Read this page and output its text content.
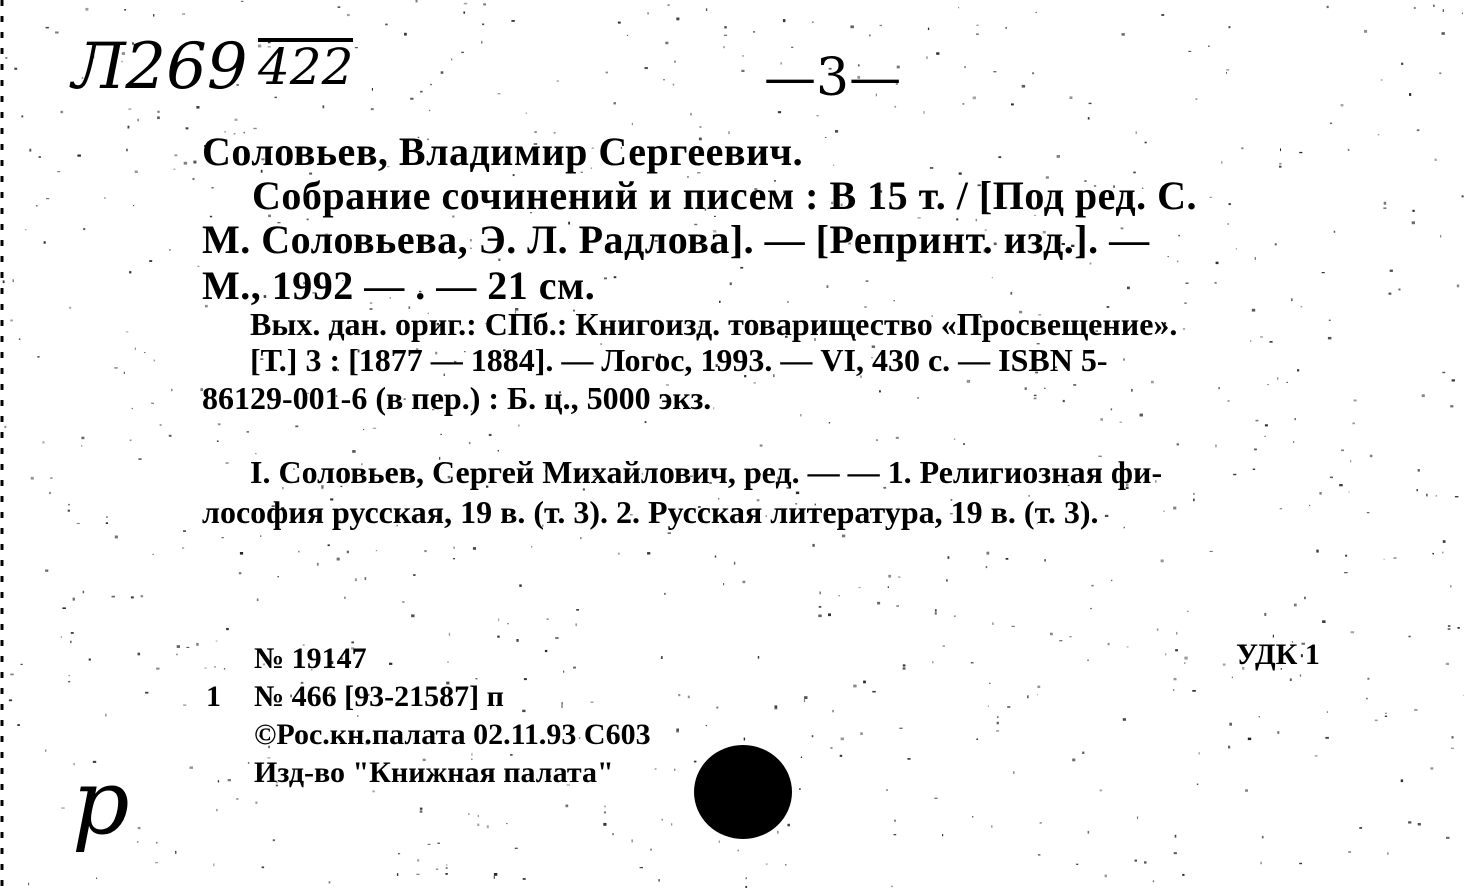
Л269 422	—3—
р
Соловьев, Владимир Сергеевич.
Собрание сочинений и писем : В 15 т. / [Под ред. С.
М. Соловьева, Э. Л. Радлова]. — [Репринт. изд.]. —
М., 1992 — . — 21 см.
Вых. дан. ориг.: СПб.: Книгоизд. товарищество «Просвещение».
[Т.] 3 : [1877 — 1884]. — Логос, 1993. — VI, 430 с. — ISBN 5-
86129-001-6 (в пер.) : Б. ц., 5000 экз.
I. Соловьев, Сергей Михайлович, ред. — — 1. Религиозная фи-
лософия русская, 19 в. (т. 3). 2. Русская литература, 19 в. (т. 3).
№ 19147	УДК 1
1 № 466 [93-21587] п
©Рос.кн.палата 02.11.93 С603
Изд-во "Книжная палата"
